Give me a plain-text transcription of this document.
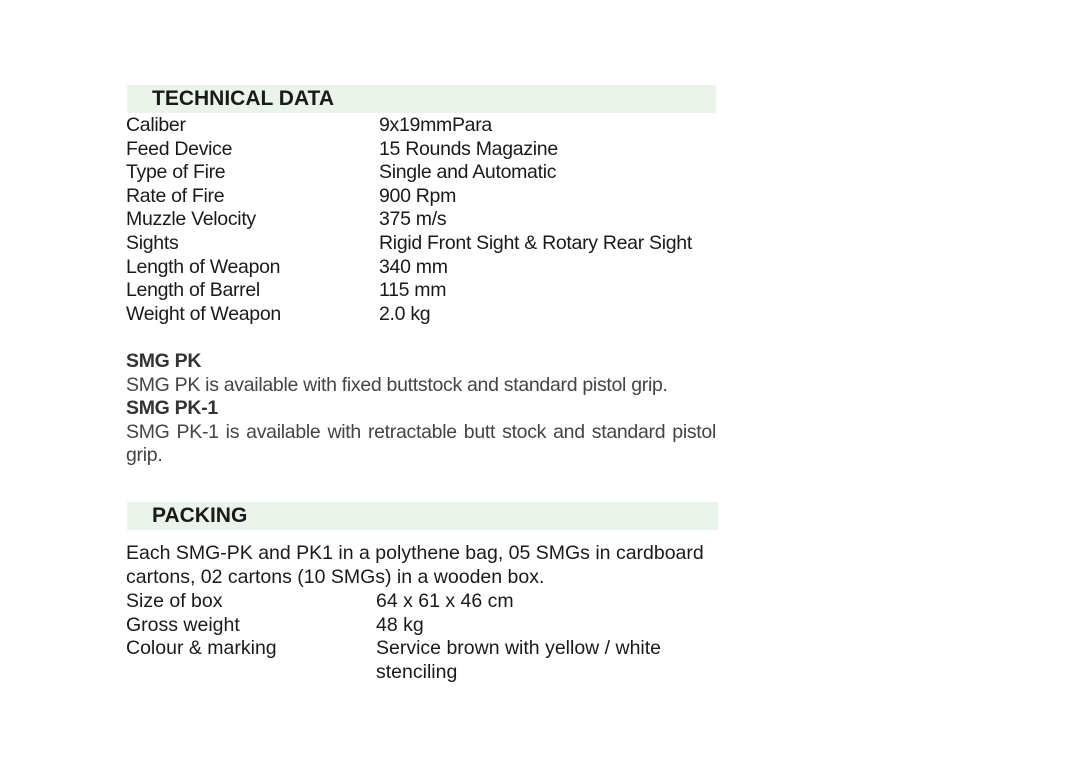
TECHNICAL DATA
Caliber	9x19mmPara
Feed Device	15 Rounds Magazine
Type of Fire	Single and Automatic
Rate of Fire	900 Rpm
Muzzle Velocity	375 m/s
Sights	Rigid Front Sight & Rotary Rear Sight
Length of Weapon	340 mm
Length of Barrel	115 mm
Weight of Weapon	2.0 kg
SMG PK
SMG PK is available with fixed buttstock and standard pistol grip.
SMG PK-1
SMG PK-1 is available with retractable butt stock and standard pistol grip.
PACKING
Each SMG-PK and PK1 in a polythene bag, 05 SMGs in cardboard cartons, 02 cartons (10 SMGs) in a wooden box.
Size of box	64 x 61 x 46 cm
Gross weight	48 kg
Colour & marking	Service brown with yellow / white stenciling
